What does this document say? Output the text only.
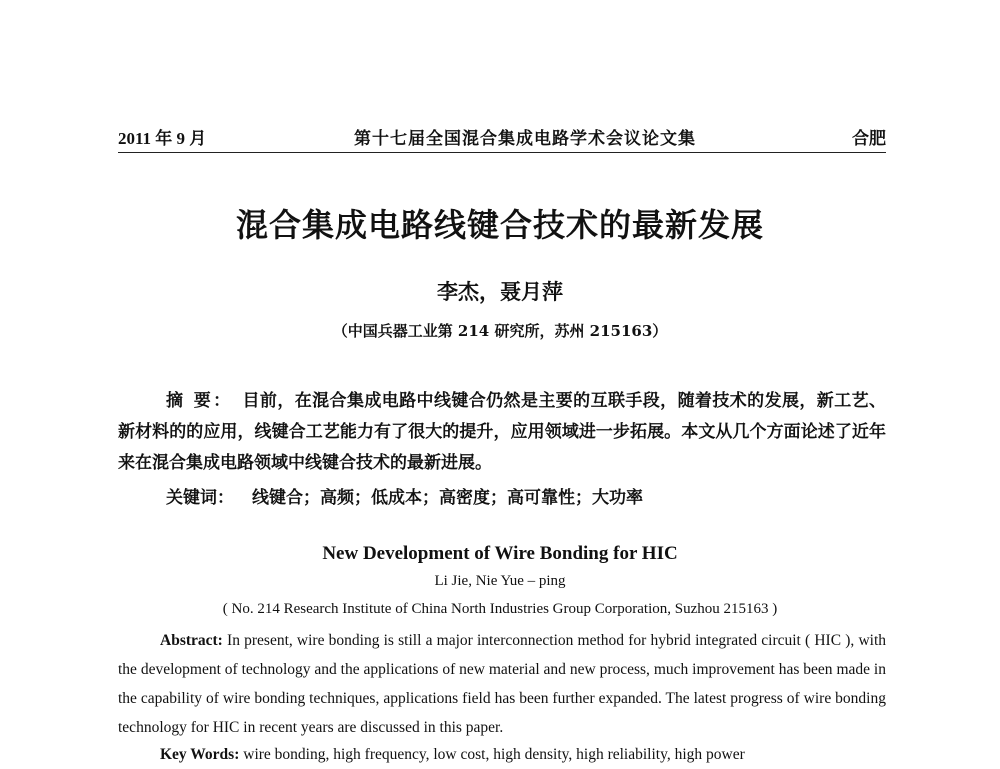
2011 年 9 月	第十七届全国混合集成电路学术会议论文集	合肥
混合集成电路线键合技术的最新发展
李杰，聂月萍
（中国兵器工业第 214 研究所，苏州 215163）
摘 要： 目前，在混合集成电路中线键合仍然是主要的互联手段，随着技术的发展，新工艺、新材料的的应用，线键合工艺能力有了很大的提升，应用领域进一步拓展。本文从几个方面论述了近年来在混合集成电路领域中线键合技术的最新进展。
关键词： 线键合；高频；低成本；高密度；高可靠性；大功率
New Development of Wire Bonding for HIC
Li Jie, Nie Yue – ping
( No. 214 Research Institute of China North Industries Group Corporation, Suzhou 215163 )
Abstract: In present, wire bonding is still a major interconnection method for hybrid integrated circuit ( HIC ), with the development of technology and the applications of new material and new process, much improvement has been made in the capability of wire bonding techniques, applications field has been further expanded. The latest progress of wire bonding technology for HIC in recent years are discussed in this paper.
Key Words: wire bonding, high frequency, low cost, high density, high reliability, high power
